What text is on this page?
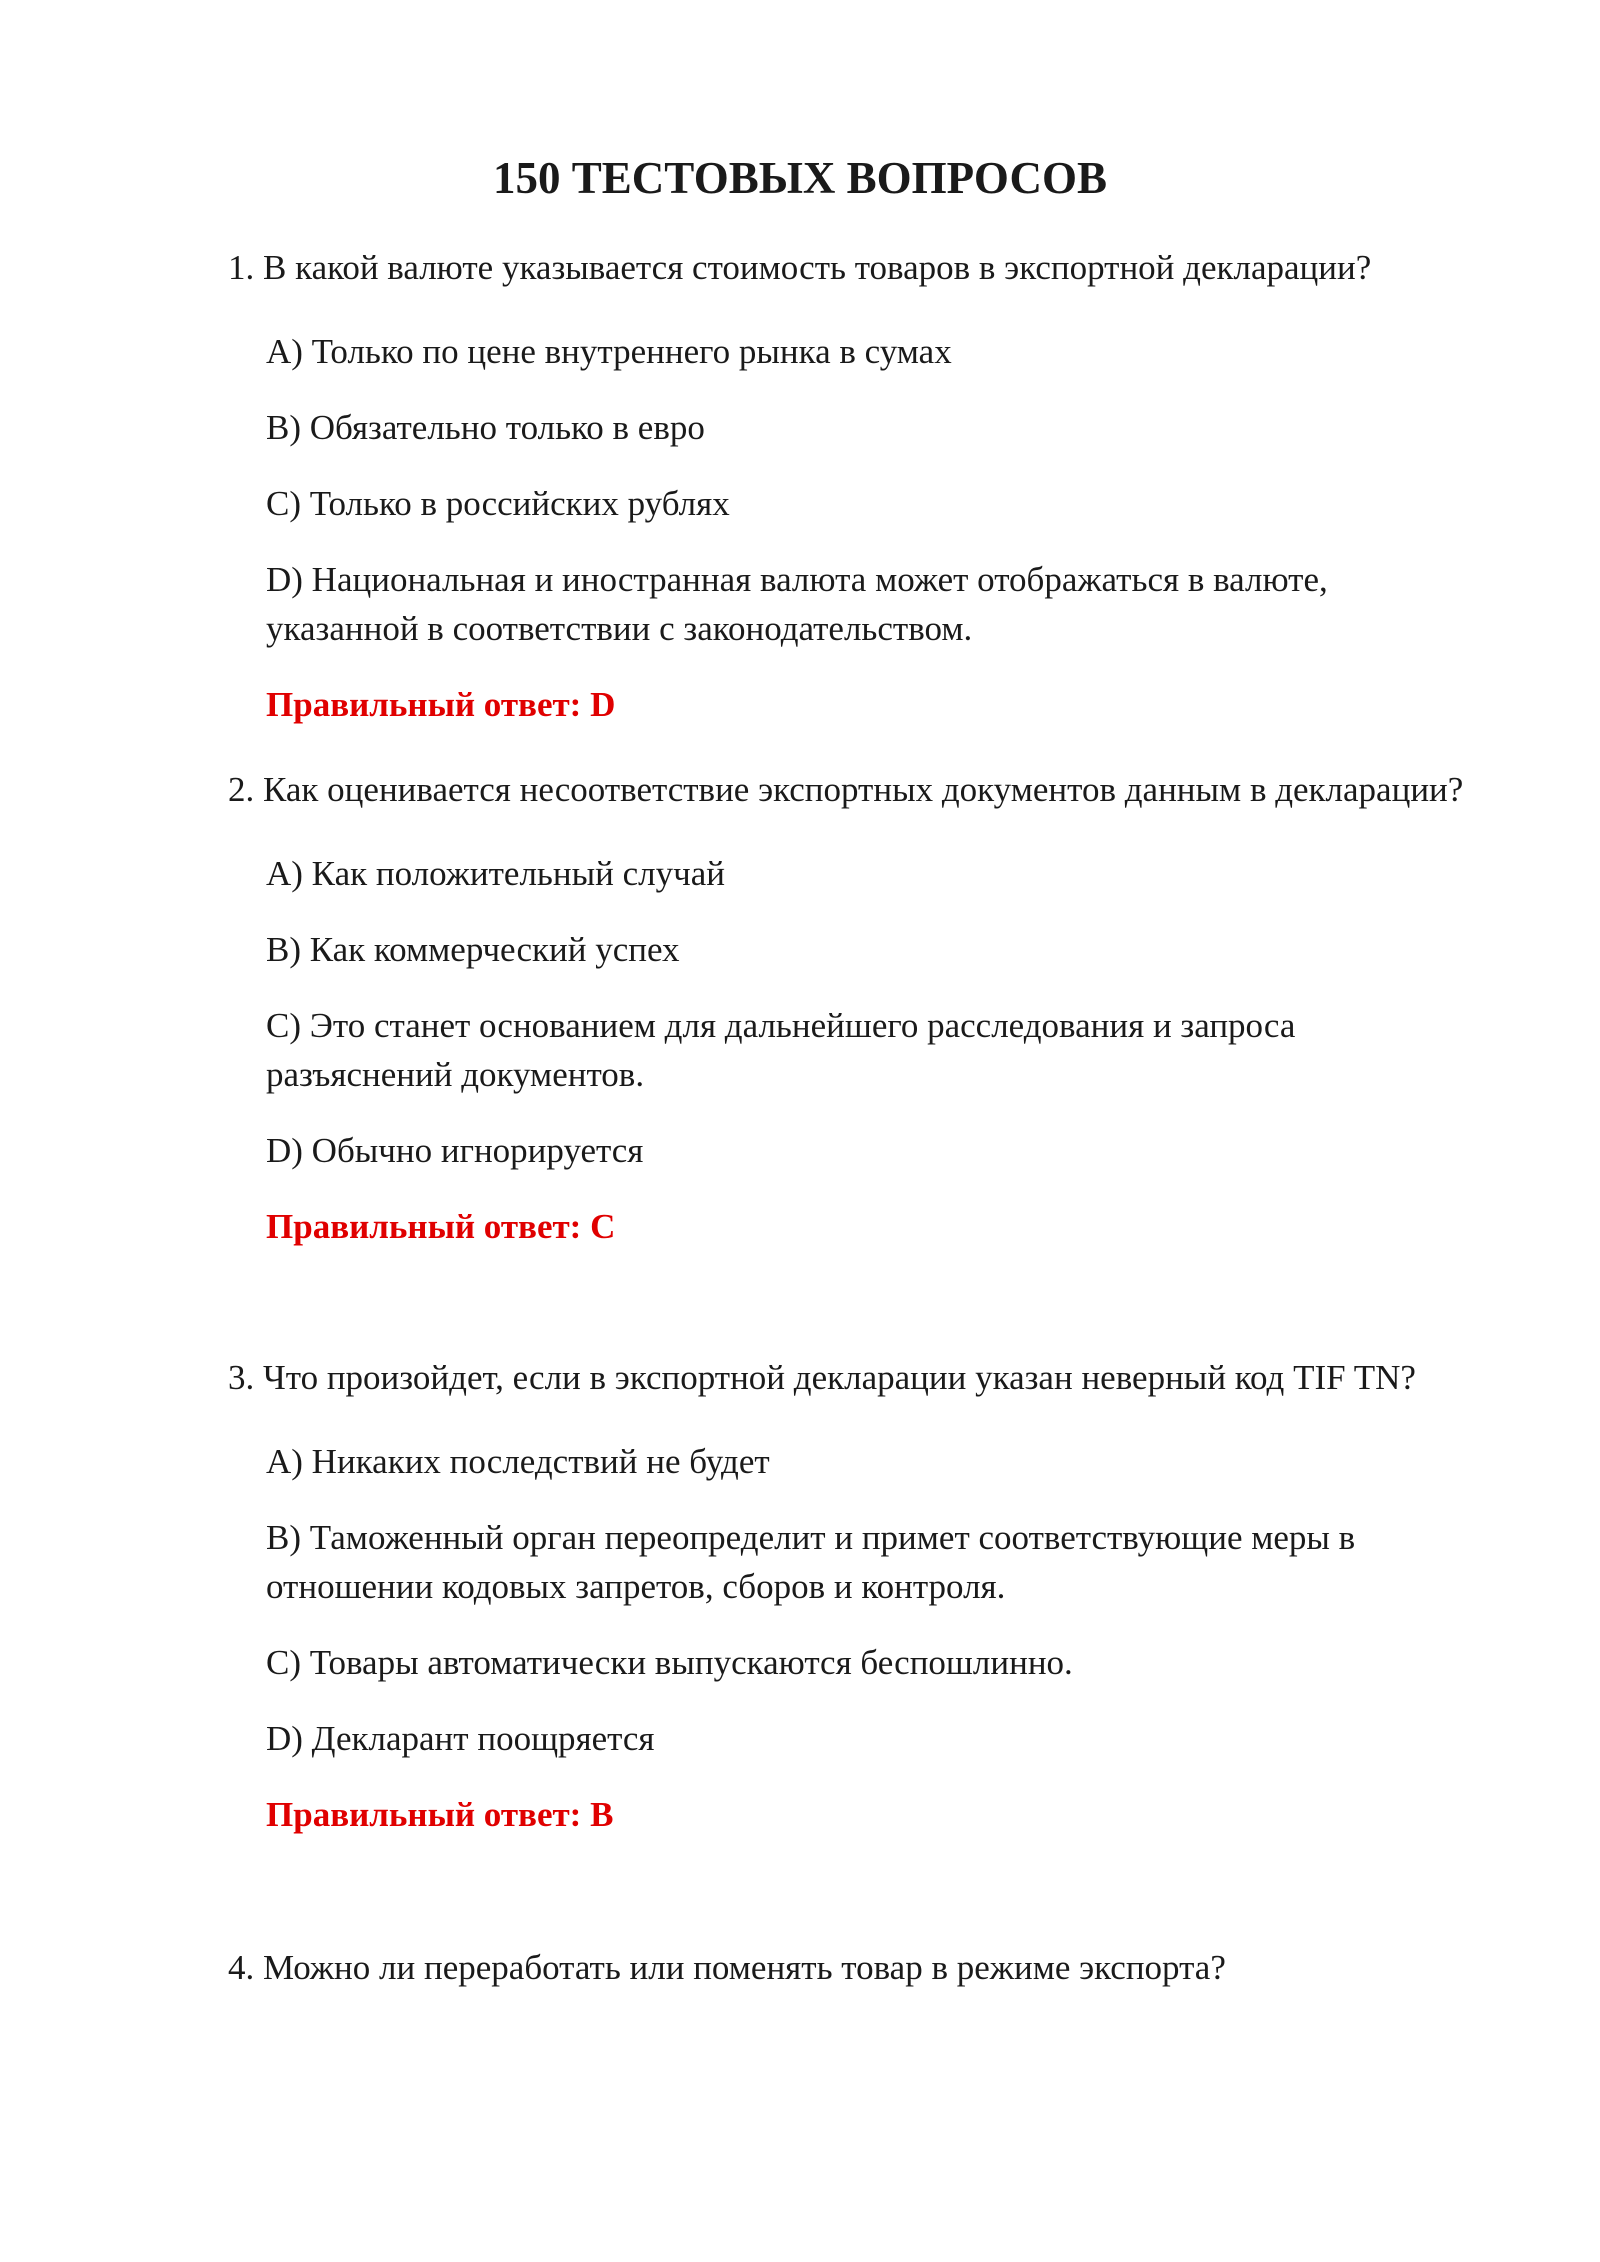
150 ТЕСТОВЫХ ВОПРОСОВ

1. В какой валюте указывается стоимость товаров в экспортной декларации?

A) Только по цене внутреннего рынка в сумах
B) Обязательно только в евро
C) Только в российских рублях
D) Национальная и иностранная валюта может отображаться в валюте, указанной в соответствии с законодательством.
Правильный ответ: D

2. Как оценивается несоответствие экспортных документов данным в декларации?

A) Как положительный случай
B) Как коммерческий успех
C) Это станет основанием для дальнейшего расследования и запроса разъяснений документов.
D) Обычно игнорируется
Правильный ответ: C

3. Что произойдет, если в экспортной декларации указан неверный код TIF TN?

A) Никаких последствий не будет
B) Таможенный орган переопределит и примет соответствующие меры в отношении кодовых запретов, сборов и контроля.
C) Товары автоматически выпускаются беспошлинно.
D) Декларант поощряется
Правильный ответ: B

4. Можно ли переработать или поменять товар в режиме экспорта?
